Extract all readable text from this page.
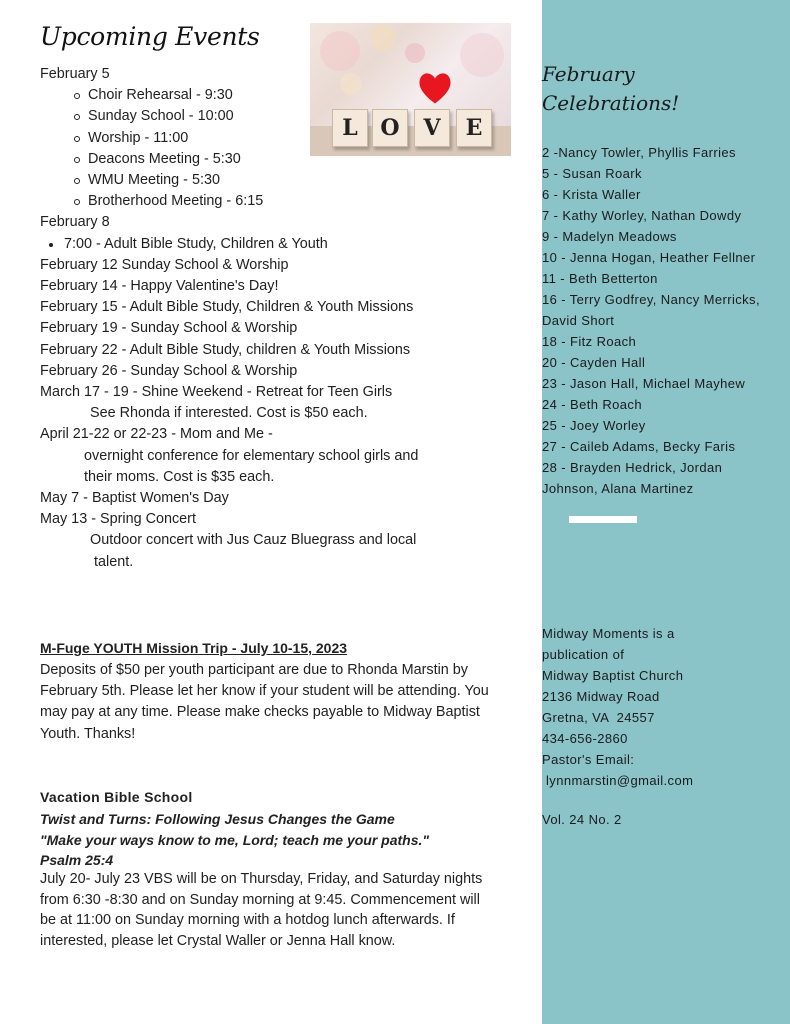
Upcoming Events
L	O	V	E
February 5
Choir Rehearsal - 9:30
Sunday School - 10:00
Worship - 11:00
Deacons Meeting - 5:30
WMU Meeting - 5:30
Brotherhood Meeting - 6:15
February 8
7:00 - Adult Bible Study, Children & Youth
February 12 Sunday School & Worship
February 14 - Happy Valentine's Day!
February 15 - Adult Bible Study, Children & Youth Missions
February 19 - Sunday School & Worship
February 22 - Adult Bible Study, children & Youth Missions
February 26 - Sunday School & Worship
March 17 - 19 - Shine Weekend - Retreat for Teen Girls
See Rhonda if interested. Cost is $50 each.
April 21-22 or 22-23 - Mom and Me -
overnight conference for elementary school girls and
their moms. Cost is $35 each.
May 7 - Baptist Women's Day
May 13 - Spring Concert
Outdoor concert with Jus Cauz Bluegrass and local
talent.
M-Fuge YOUTH Mission Trip - July 10-15, 2023
Deposits of $50 per youth participant are due to Rhonda Marstin by February 5th. Please let her know if your student will be attending. You may pay at any time. Please make checks payable to Midway Baptist Youth. Thanks!
Vacation Bible School
Twist and Turns: Following Jesus Changes the Game
"Make your ways know to me, Lord; teach me your paths."
Psalm 25:4
July 20- July 23 VBS will be on Thursday, Friday, and Saturday nights from 6:30 -8:30 and on Sunday morning at 9:45. Commencement will be at 11:00 on Sunday morning with a hotdog lunch afterwards. If interested, please let Crystal Waller or Jenna Hall know.
February
Celebrations!
2 -Nancy Towler, Phyllis Farries
5 - Susan Roark
6 - Krista Waller
7 - Kathy Worley, Nathan Dowdy
9 - Madelyn Meadows
10 - Jenna Hogan, Heather Fellner
11 - Beth Betterton
16 - Terry Godfrey, Nancy Merricks, David Short
18 - Fitz Roach
20 - Cayden Hall
23 - Jason Hall, Michael Mayhew
24 - Beth Roach
25 - Joey Worley
27 - Caileb Adams, Becky Faris
28 - Brayden Hedrick, Jordan Johnson, Alana Martinez
Midway Moments is a
publication of
Midway Baptist Church
2136 Midway Road
Gretna, VA  24557
434-656-2860
Pastor's Email:
lynnmarstin@gmail.com
Vol. 24 No. 2
